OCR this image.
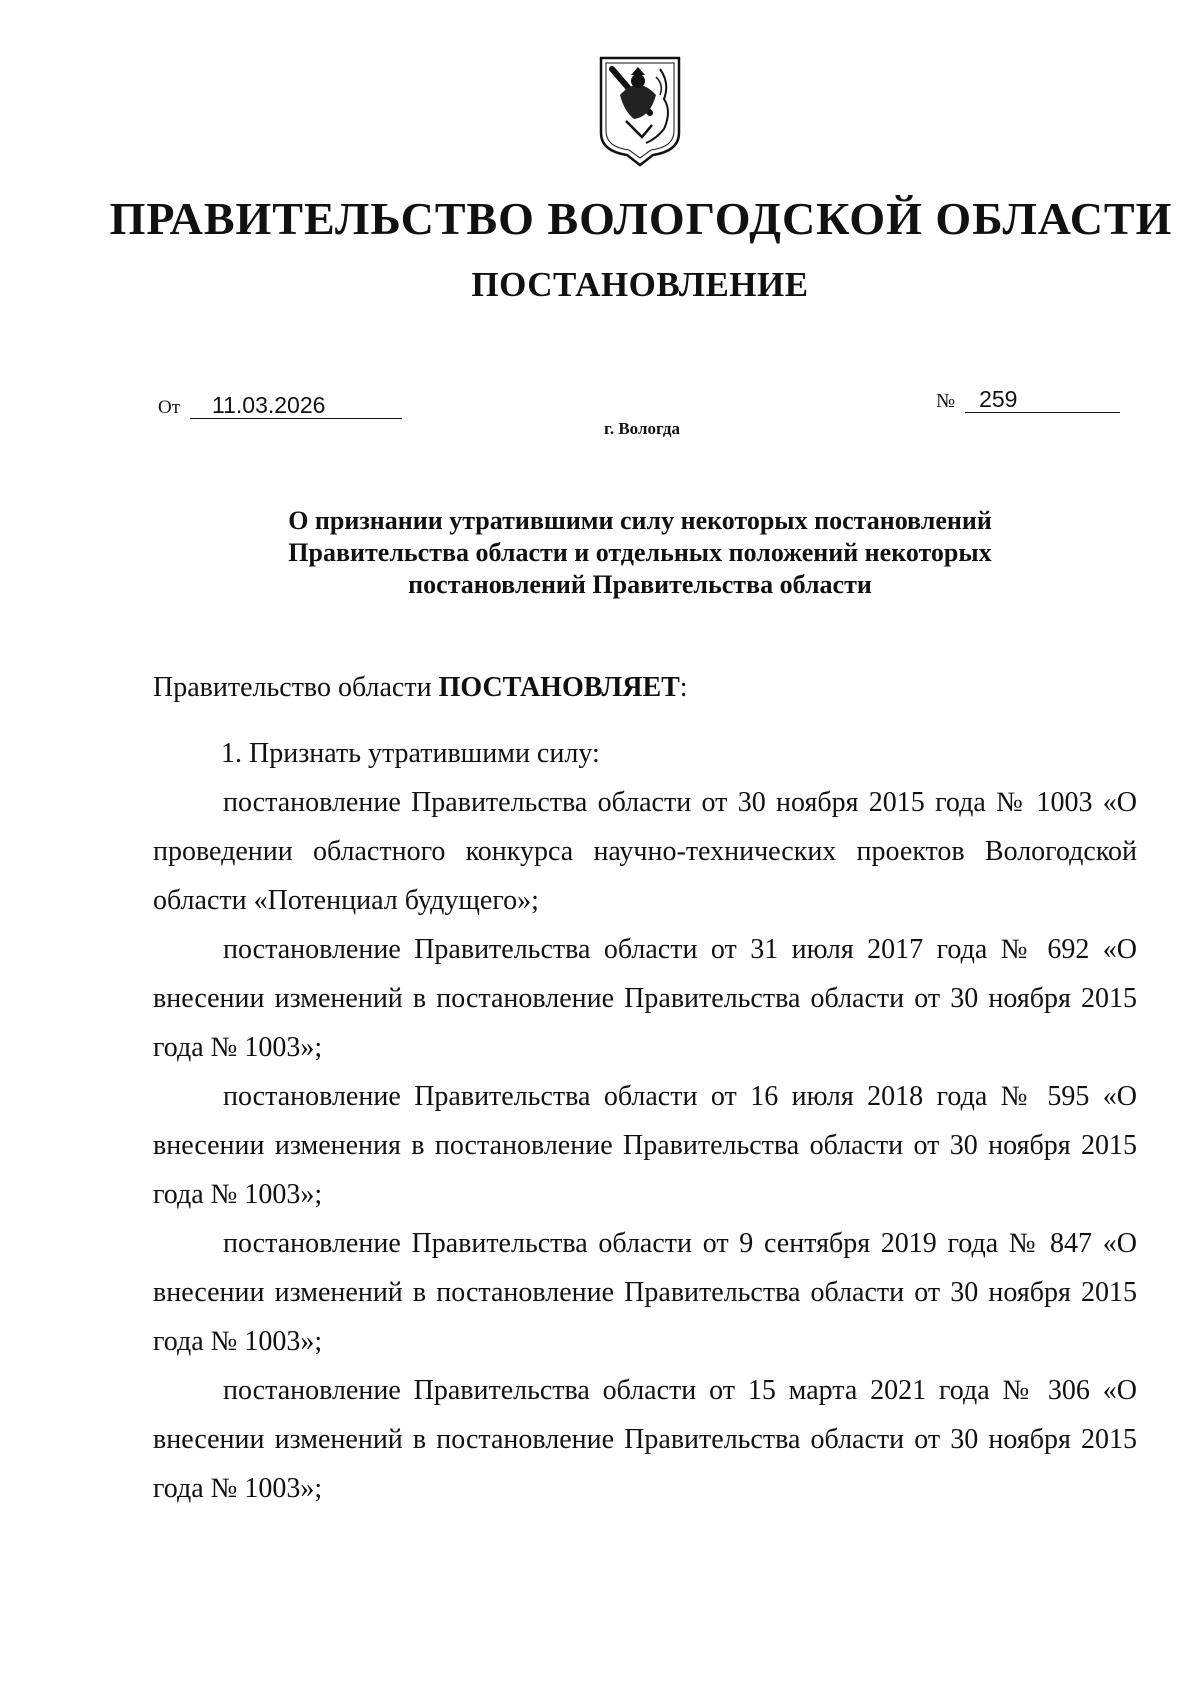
ПРАВИТЕЛЬСТВО ВОЛОГОДСКОЙ ОБЛАСТИ
ПОСТАНОВЛЕНИЕ
От 11.03.2026	№ 259
г. Вологда
О признании утратившими силу некоторых постановлений
Правительства области и отдельных положений некоторых
постановлений Правительства области

Правительство области ПОСТАНОВЛЯЕТ:

1. Признать утратившими силу:

постановление Правительства области от 30 ноября 2015 года № 1003 «О проведении областного конкурса научно-технических проектов Вологодской области «Потенциал будущего»;

постановление Правительства области от 31 июля 2017 года № 692 «О внесении изменений в постановление Правительства области от 30 ноября 2015 года № 1003»;

постановление Правительства области от 16 июля 2018 года № 595 «О внесении изменения в постановление Правительства области от 30 ноября 2015 года № 1003»;

постановление Правительства области от 9 сентября 2019 года № 847 «О внесении изменений в постановление Правительства области от 30 ноября 2015 года № 1003»;

постановление Правительства области от 15 марта 2021 года № 306 «О внесении изменений в постановление Правительства области от 30 ноября 2015 года № 1003»;
